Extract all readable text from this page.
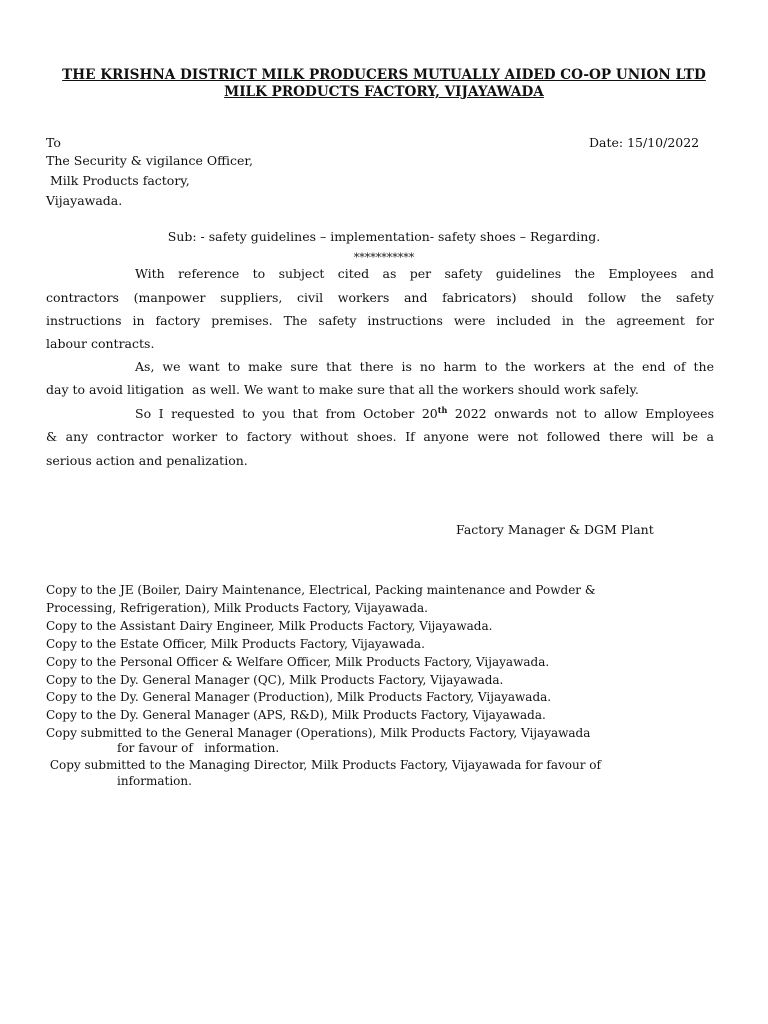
THE KRISHNA DISTRICT MILK PRODUCERS MUTUALLY AIDED CO-OP UNION LTD
MILK PRODUCTS FACTORY, VIJAYAWADA
To	Date: 15/10/2022
The Security & vigilance Officer,
Milk Products factory,
Vijayawada.
Sub: - safety guidelines – implementation- safety shoes – Regarding.
***********
With reference to subject cited as per safety guidelines the Employees and
contractors (manpower suppliers, civil workers and fabricators) should follow the safety
instructions in factory premises. The safety instructions were included in the agreement for
labour contracts.
As, we want to make sure that there is no harm to the workers at the end of the
day to avoid litigation  as well. We want to make sure that all the workers should work safely.
So I requested to you that from October 20th 2022 onwards not to allow Employees
& any contractor worker to factory without shoes. If anyone were not followed there will be a
serious action and penalization.
Factory Manager & DGM Plant
Copy to the JE (Boiler, Dairy Maintenance, Electrical, Packing maintenance and Powder &
Processing, Refrigeration), Milk Products Factory, Vijayawada.
Copy to the Assistant Dairy Engineer, Milk Products Factory, Vijayawada.
Copy to the Estate Officer, Milk Products Factory, Vijayawada.
Copy to the Personal Officer & Welfare Officer, Milk Products Factory, Vijayawada.
Copy to the Dy. General Manager (QC), Milk Products Factory, Vijayawada.
Copy to the Dy. General Manager (Production), Milk Products Factory, Vijayawada.
Copy to the Dy. General Manager (APS, R&D), Milk Products Factory, Vijayawada.
Copy submitted to the General Manager (Operations), Milk Products Factory, Vijayawada
for favour of   information.
Copy submitted to the Managing Director, Milk Products Factory, Vijayawada for favour of
information.
